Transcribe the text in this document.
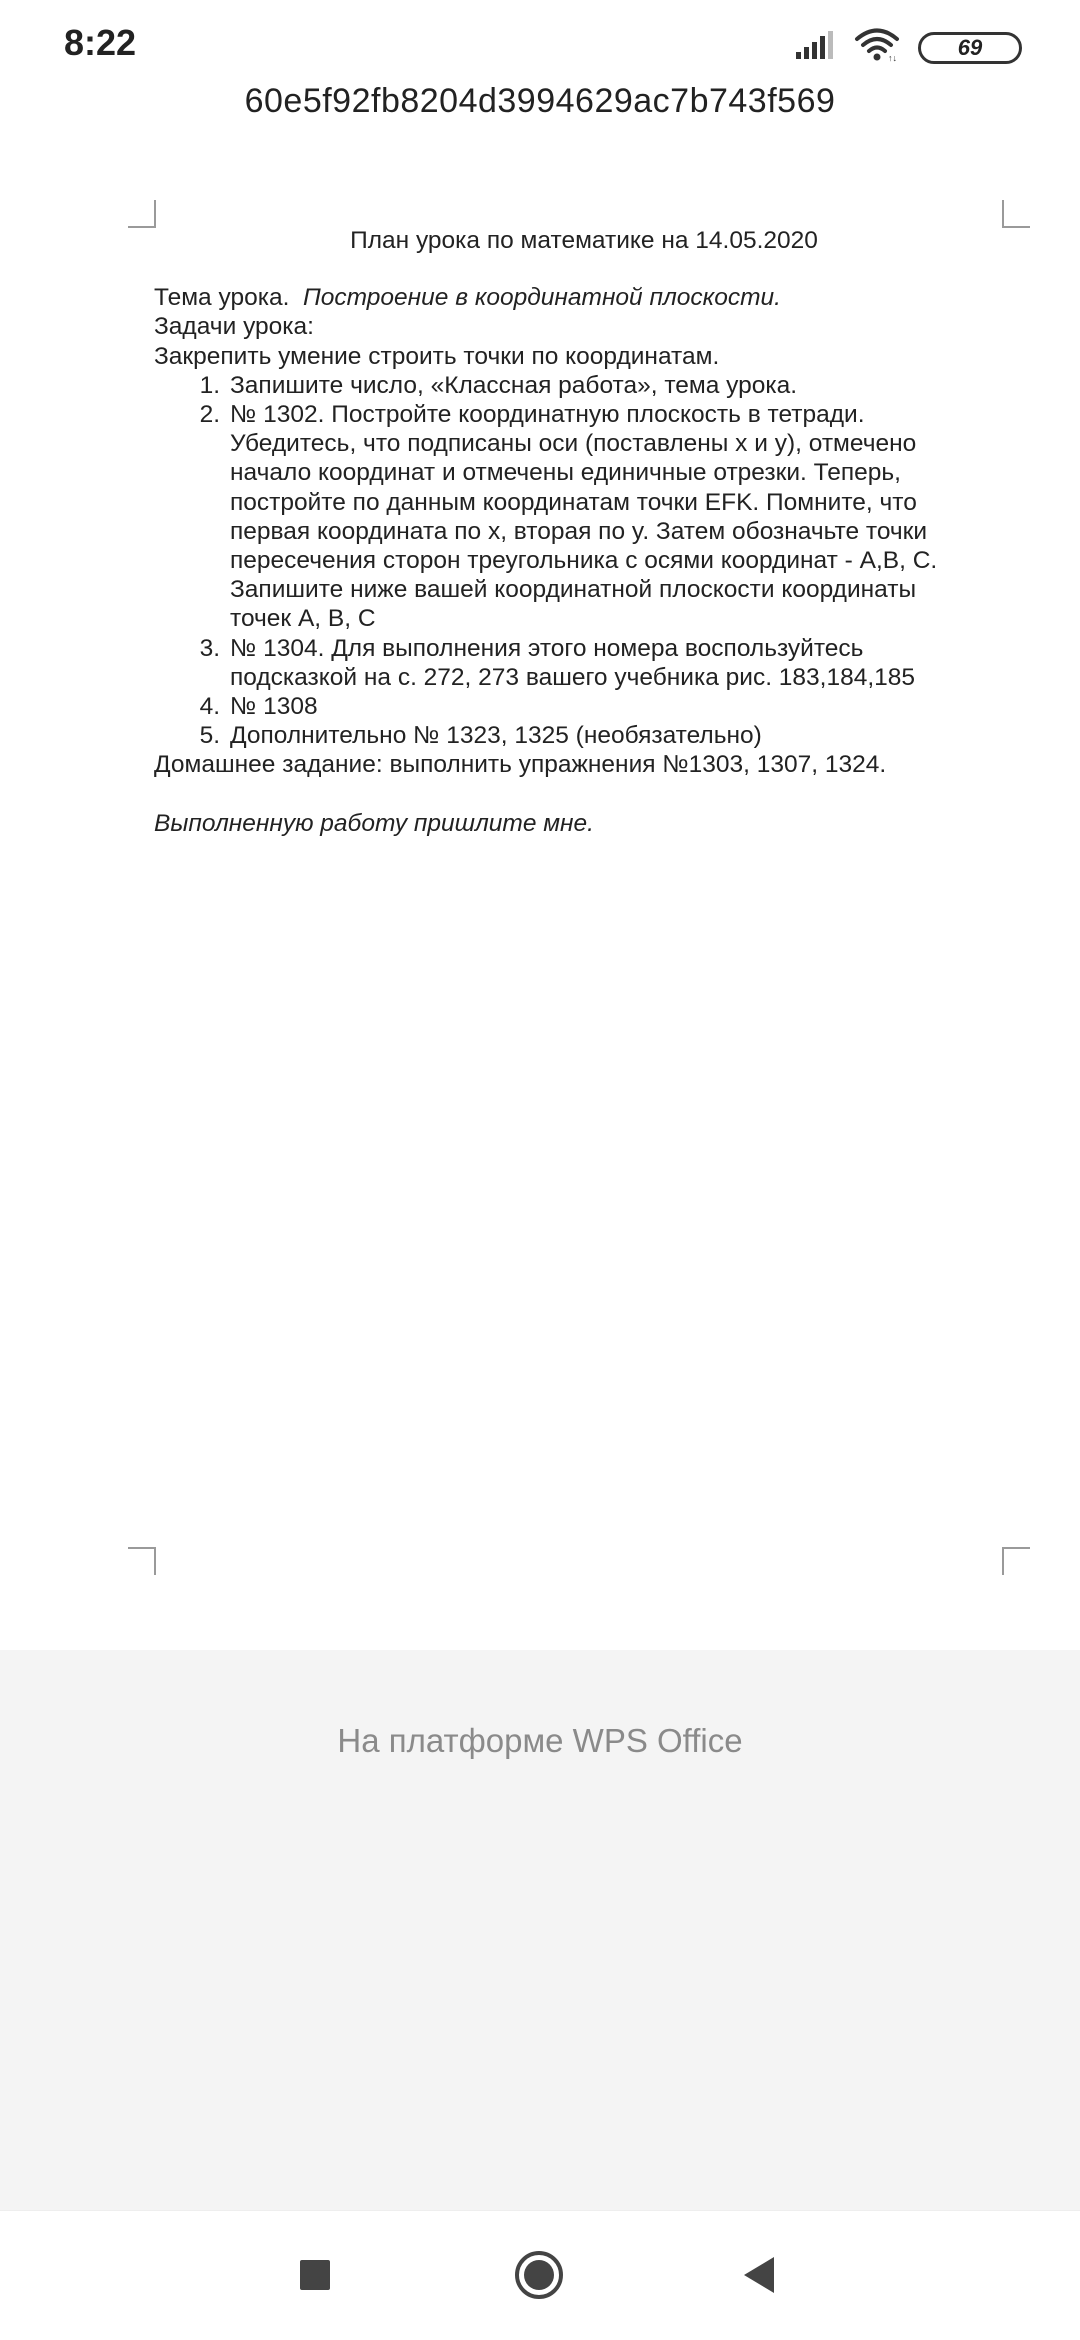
8:22	↑↓	69
60e5f92fb8204d3994629ac7b743f569
План урока по математике на 14.05.2020
Тема урока. Построение в координатной плоскости.
Задачи урока:
Закрепить умение строить точки по координатам.
1. Запишите число, «Классная работа», тема урока.
2. № 1302. Постройте координатную плоскость в тетради.
Убедитесь, что подписаны оси (поставлены x и y), отмечено
начало координат и отмечены единичные отрезки. Теперь,
постройте по данным координатам точки EFK. Помните, что
первая координата по x, вторая по y. Затем обозначьте точки
пересечения сторон треугольника с осями координат - A,B, C.
Запишите ниже вашей координатной плоскости координаты
точек A, B, C
3. № 1304. Для выполнения этого номера воспользуйтесь
подсказкой на с. 272, 273 вашего учебника рис. 183,184,185
4. № 1308
5. Дополнительно № 1323, 1325 (необязательно)
Домашнее задание: выполнить упражнения №1303, 1307, 1324.
Выполненную работу пришлите мне.
На платформе WPS Office
